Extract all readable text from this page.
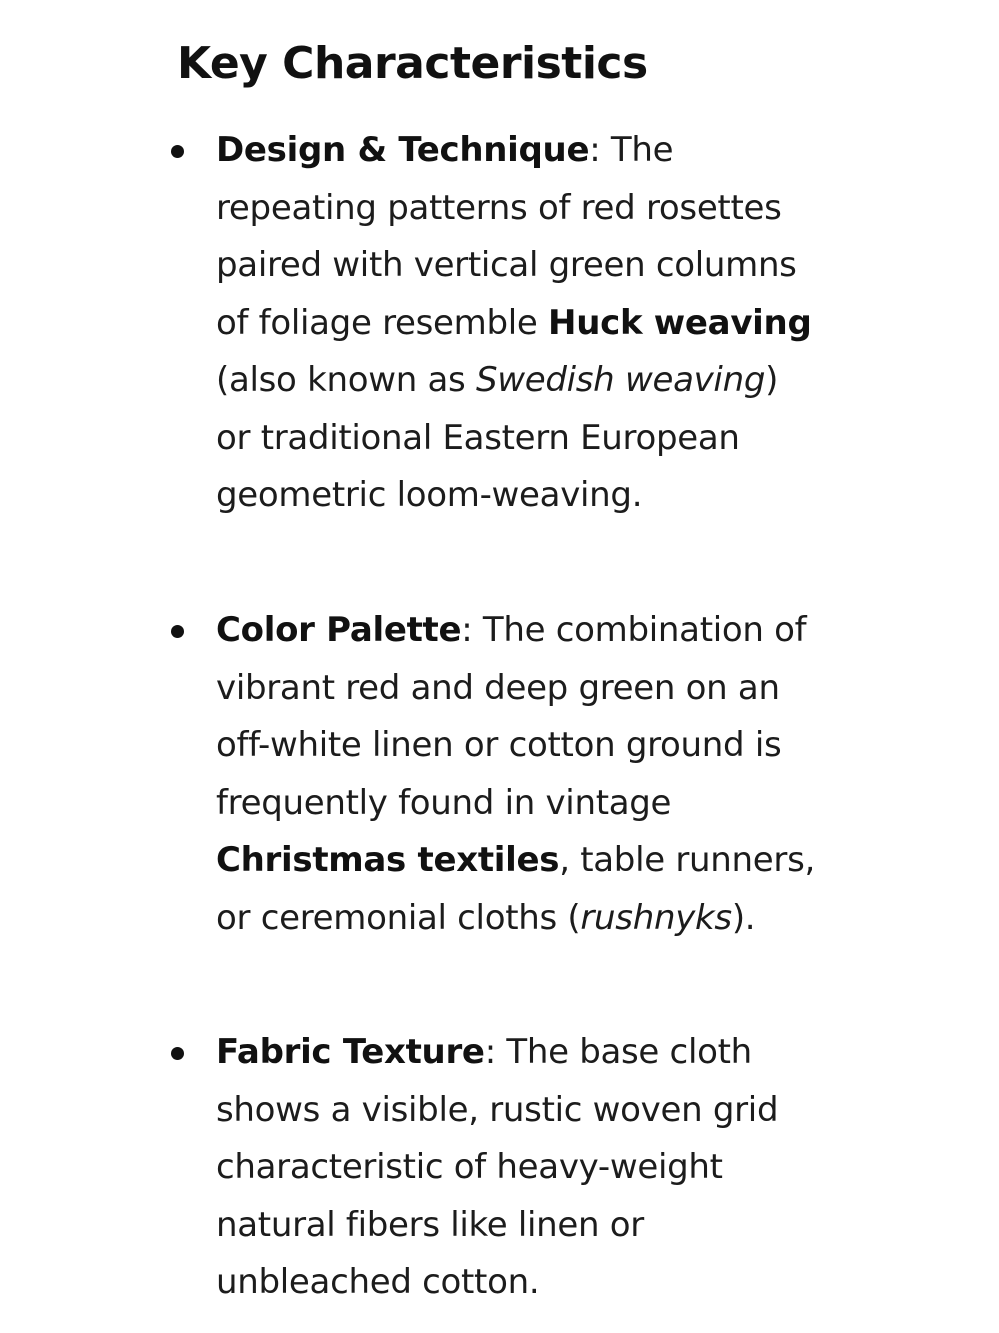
Key Characteristics
Design & Technique: The
repeating patterns of red rosettes
paired with vertical green columns
of foliage resemble Huck weaving
(also known as Swedish weaving)
or traditional Eastern European
geometric loom-weaving.
Color Palette: The combination of
vibrant red and deep green on an
off-white linen or cotton ground is
frequently found in vintage
Christmas textiles, table runners,
or ceremonial cloths (rushnyks).
Fabric Texture: The base cloth
shows a visible, rustic woven grid
characteristic of heavy-weight
natural fibers like linen or
unbleached cotton.
